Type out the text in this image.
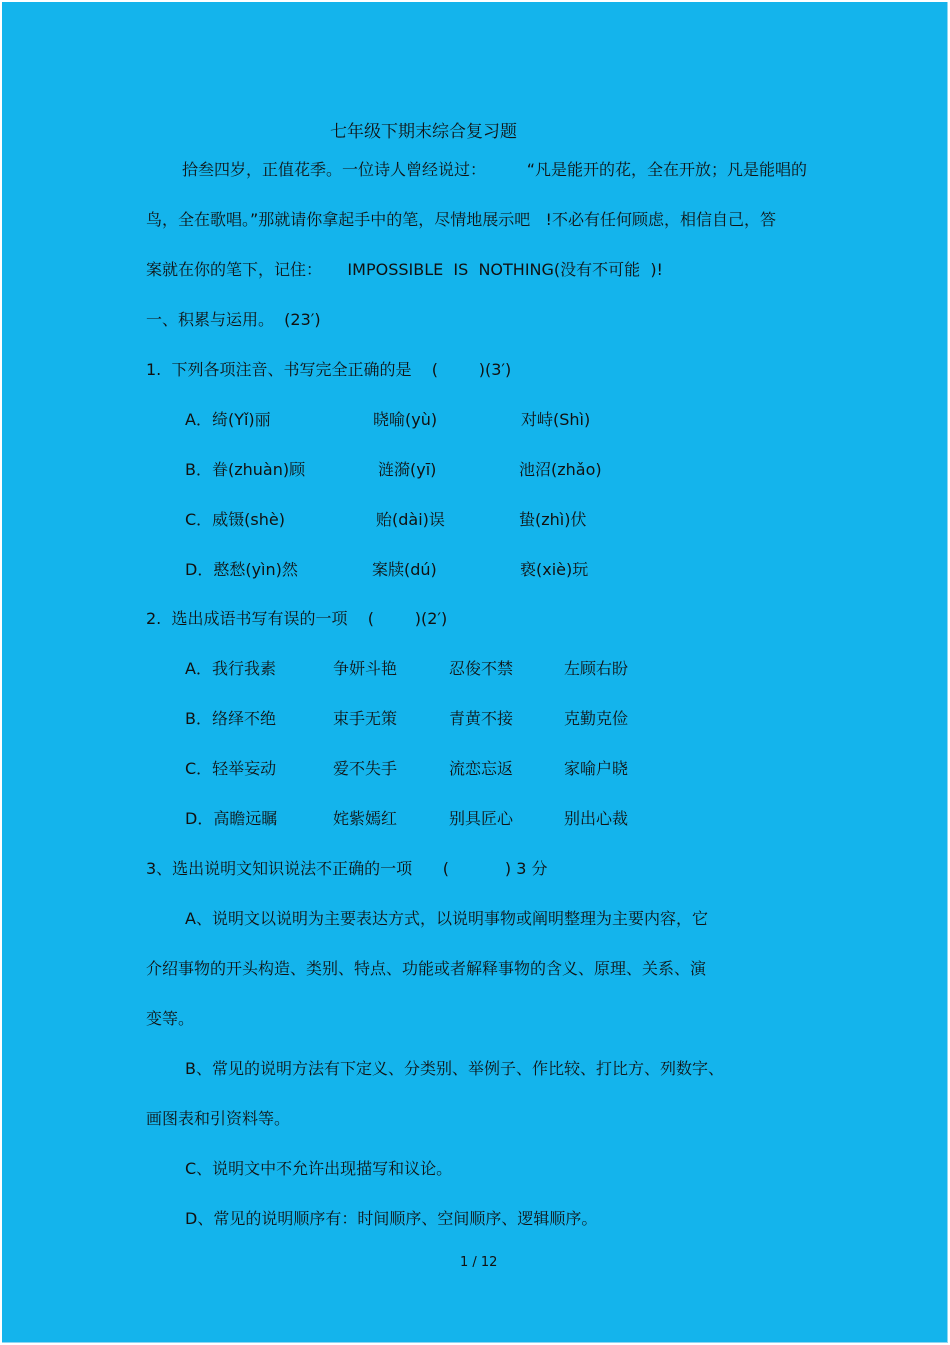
七年级下期末综合复习题
拾叁四岁，正值花季。一位诗人曾经说过：        “凡是能开的花，全在开放；凡是能唱的
鸟，全在歌唱。”那就请你拿起手中的笔，尽情地展示吧   !不必有任何顾虑，相信自己，答
案就在你的笔下，记住：     IMPOSSIBLE  IS  NOTHING(没有不可能  )!
一、积累与运用。  (23′)
1.  下列各项注音、书写完全正确的是    (        )(3′)
A．绮(Yǐ)丽	晓喻(yù)	对峙(Shì)
B．眷(zhuàn)顾	涟漪(yī)	池沼(zhǎo)
C．威镊(shè)	贻(dài)误	蛰(zhì)伏
D．憨愁(yìn)然	案牍(dú)	亵(xiè)玩
2.  选出成语书写有误的一项    (        )(2′)
A．我行我素	争妍斗艳	忍俊不禁	左顾右盼
B．络绎不绝	束手无策	青黄不接	克勤克俭
C．轻举妄动	爱不失手	流恋忘返	家喻户晓
D．高瞻远瞩	姹紫嫣红	别具匠心	别出心裁
3、选出说明文知识说法不正确的一项      (           ) 3 分
A、说明文以说明为主要表达方式，以说明事物或阐明整理为主要内容，它
介绍事物的开头构造、类别、特点、功能或者解释事物的含义、原理、关系、演
变等。
B、常见的说明方法有下定义、分类别、举例子、作比较、打比方、列数字、
画图表和引资料等。
C、说明文中不允许出现描写和议论。
D、常见的说明顺序有：时间顺序、空间顺序、逻辑顺序。
1 / 12
